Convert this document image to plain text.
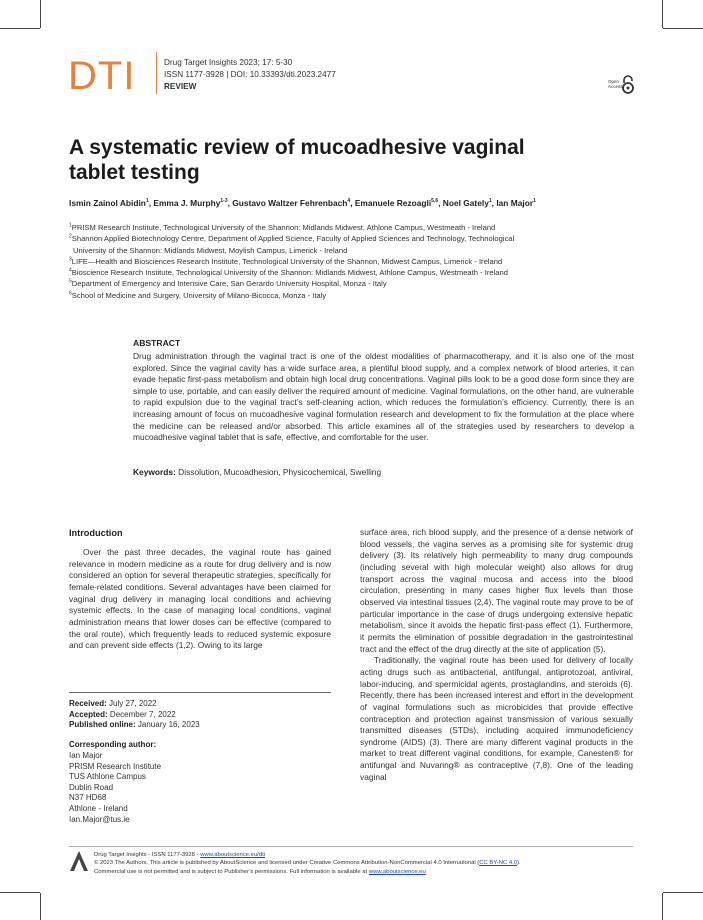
DTI	Drug Target Insights 2023; 17: 5-30
ISSN 1177-3928 | DOI: 10.33393/dti.2023.2477
REVIEW
Open Access
A systematic review of mucoadhesive vaginal
tablet testing
Ismin Zainol Abidin$^1$, Emma J. Murphy$^{1-3}$, Gustavo Waltzer Fehrenbach$^4$, Emanuele Rezoagli$^{5,6}$, Noel Gately$^1$, Ian Major$^1$
$^1$PRISM Research Institute, Technological University of the Shannon: Midlands Midwest, Athlone Campus, Westmeath - Ireland
$^2$Shannon Applied Biotechnology Centre, Department of Applied Science, Faculty of Applied Sciences and Technology, Technological
University of the Shannon: Midlands Midwest, Moylish Campus, Limerick - Ireland
$^3$LIFE—Health and Biosciences Research Institute, Technological University of the Shannon, Midwest Campus, Limerick - Ireland
$^4$Bioscience Research Institute, Technological University of the Shannon: Midlands Midwest, Athlone Campus, Westmeath - Ireland
$^5$Department of Emergency and Intensive Care, San Gerardo University Hospital, Monza - Italy
$^6$School of Medicine and Surgery, University of Milano-Bicocca, Monza - Italy
ABSTRACT
Drug administration through the vaginal tract is one of the oldest modalities of pharmacotherapy, and it is also one of the most explored. Since the vaginal cavity has a wide surface area, a plentiful blood supply, and a complex network of blood arteries, it can evade hepatic first-pass metabolism and obtain high local drug concentrations. Vaginal pills look to be a good dose form since they are simple to use, portable, and can easily deliver the required amount of medicine. Vaginal formulations, on the other hand, are vulnerable to rapid expulsion due to the vaginal tract’s self-cleaning action, which reduces the formulation’s efficiency. Currently, there is an increasing amount of focus on mucoadhesive vaginal formulation research and development to fix the formulation at the place where the medicine can be released and/or absorbed. This article examines all of the strategies used by researchers to develop a mucoadhesive vaginal tablet that is safe, effective, and comfortable for the user.
Keywords: Dissolution, Mucoadhesion, Physicochemical, Swelling
Introduction
Over the past three decades, the vaginal route has gained relevance in modern medicine as a route for drug delivery and is now considered an option for several therapeutic strategies, specifically for female-related conditions. Several advantages have been claimed for vaginal drug delivery in managing local conditions and achieving systemic effects. In the case of managing local conditions, vaginal administration means that lower doses can be effective (compared to the oral route), which frequently leads to reduced systemic exposure and can prevent side effects (1,2). Owing to its large

surface area, rich blood supply, and the presence of a dense network of blood vessels, the vagina serves as a promising site for systemic drug delivery (3). Its relatively high permeability to many drug compounds (including several with high molecular weight) also allows for drug transport across the vaginal mucosa and access into the blood circulation, presenting in many cases higher flux levels than those observed via intestinal tissues (2,4). The vaginal route may prove to be of particular importance in the case of drugs undergoing extensive hepatic metabolism, since it avoids the hepatic first-pass effect (1). Furthermore, it permits the elimination of possible degradation in the gastrointestinal tract and the effect of the drug directly at the site of application (5).

Traditionally, the vaginal route has been used for delivery of locally acting drugs such as antibacterial, antifungal, antiprotozoal, antiviral, labor-inducing, and spermicidal agents, prostaglandins, and steroids (6). Recently, there has been increased interest and effort in the development of vaginal formulations such as microbicides that provide effective contraception and protection against transmission of various sexually transmitted diseases (STDs), including acquired immunodeficiency syndrome (AIDS) (3). There are many different vaginal products in the market to treat different vaginal conditions, for example, Canesten® for antifungal and Nuvaring® as contraceptive (7,8). One of the leading vaginal

Received: July 27, 2022
Accepted: December 7, 2022
Published online: January 16, 2023
Corresponding author:
Ian Major
PRISM Research Institute
TUS Athlone Campus
Dublin Road
N37 HD68
Athlone - Ireland
Ian.Major@tus.ie
Drug Target Insights - ISSN 1177-3928 - www.aboutscience.eu/dti
© 2023 The Authors. This article is published by AboutScience and licensed under Creative Commons Attribution-NonCommercial 4.0 International (CC BY-NC 4.0).
Commercial use is not permitted and is subject to Publisher’s permissions. Full information is available at www.aboutscience.eu
